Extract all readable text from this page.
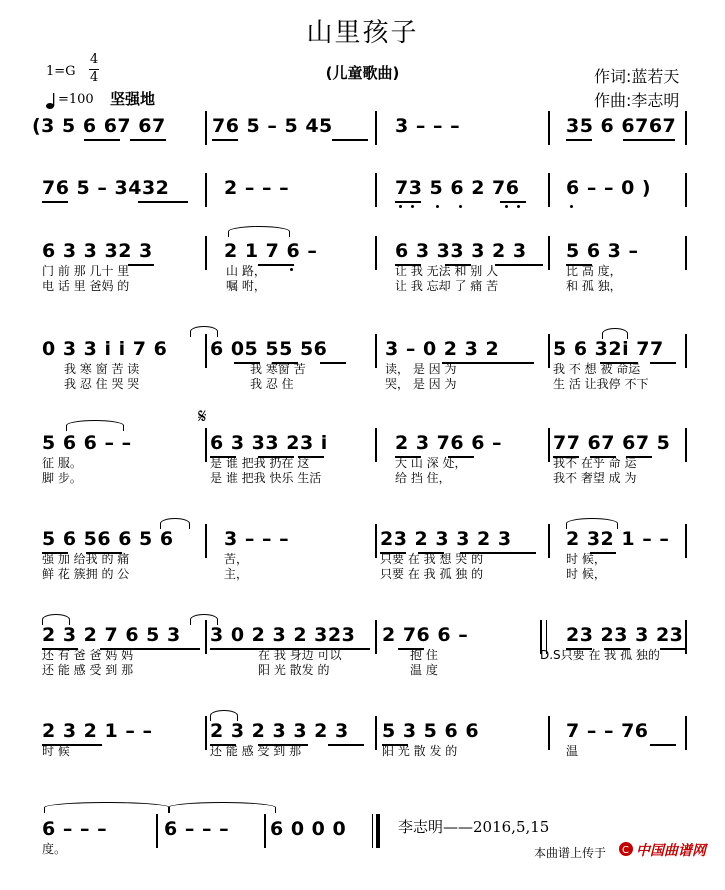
山里孩子
(儿童歌曲)
1=G
4
4
=100 坚强地
作词:蓝若天
作曲:李志明
(3 5 6 67 67 76 5 – 5 45	3 – – –	35 6 6767
76 5 – 3432	2 – – –	73 5 6 2 76 6 – – 0 )
6 3 3 32 3	2 1 7 6 –	6 3 33 3 2 3 5 6 3 –
门 前 那 几十 里	山 路，	让 我 无法 和 别 人	比 高 度，
电 话 里 爸妈 的	嘱 咐，	让 我 忘却 了 痛 苦	和 孤 独，
0 3 3 i i 7 6 6 05 55 56	3 – 0 2 3 2	5 6 32i 77
我 寒 窗 苦 读	我 寒窗 苦	读， 是 因 为	我 不 想 被 命运
我 忍 住 哭 哭	我 忍 住	哭， 是 因 为	生 活 让我停 不下
5 6 6 – –	6 3 33 23 i	2 3 76 6 –	77 67 67 5
𝄋
征 服。	是 谁 把我 扔在 这	大 山 深 处，	我不 在乎 命 运
脚 步。	是 谁 把我 快乐 生活	给 挡 住，	我不 奢望 成 为
5 6 56 6 5 6	3 – – –	23 2 3 3 2 3	2 32 1 – –
强 加 给我 的 痛	苦，	只要 在 我 想 哭 的	时 候，
鲜 花 簇拥 的 公	主，	只要 在 我 孤 独 的	时 候，
2 3 2 7 6 5 3 3 0 2 3 2 323 2 76 6 –	23 23 3 23
还 有 爸 爸 妈 妈	在 我 身边 可以	抱 住	D.S只要 在 我 孤 独的
还 能 感 受 到 那	阳 光 散发 的	温 度
2 3 2 1 – –	2 3 2 3 3 2 3 5 3 5 6 6	7 – – 76
时 候	还 能 感 受 到 那	阳 光 散 发 的	温
6 – – –	6 – – – 6 0 0 0
度。
李志明——2016,5,15
本曲谱上传于 C 中国曲谱网
